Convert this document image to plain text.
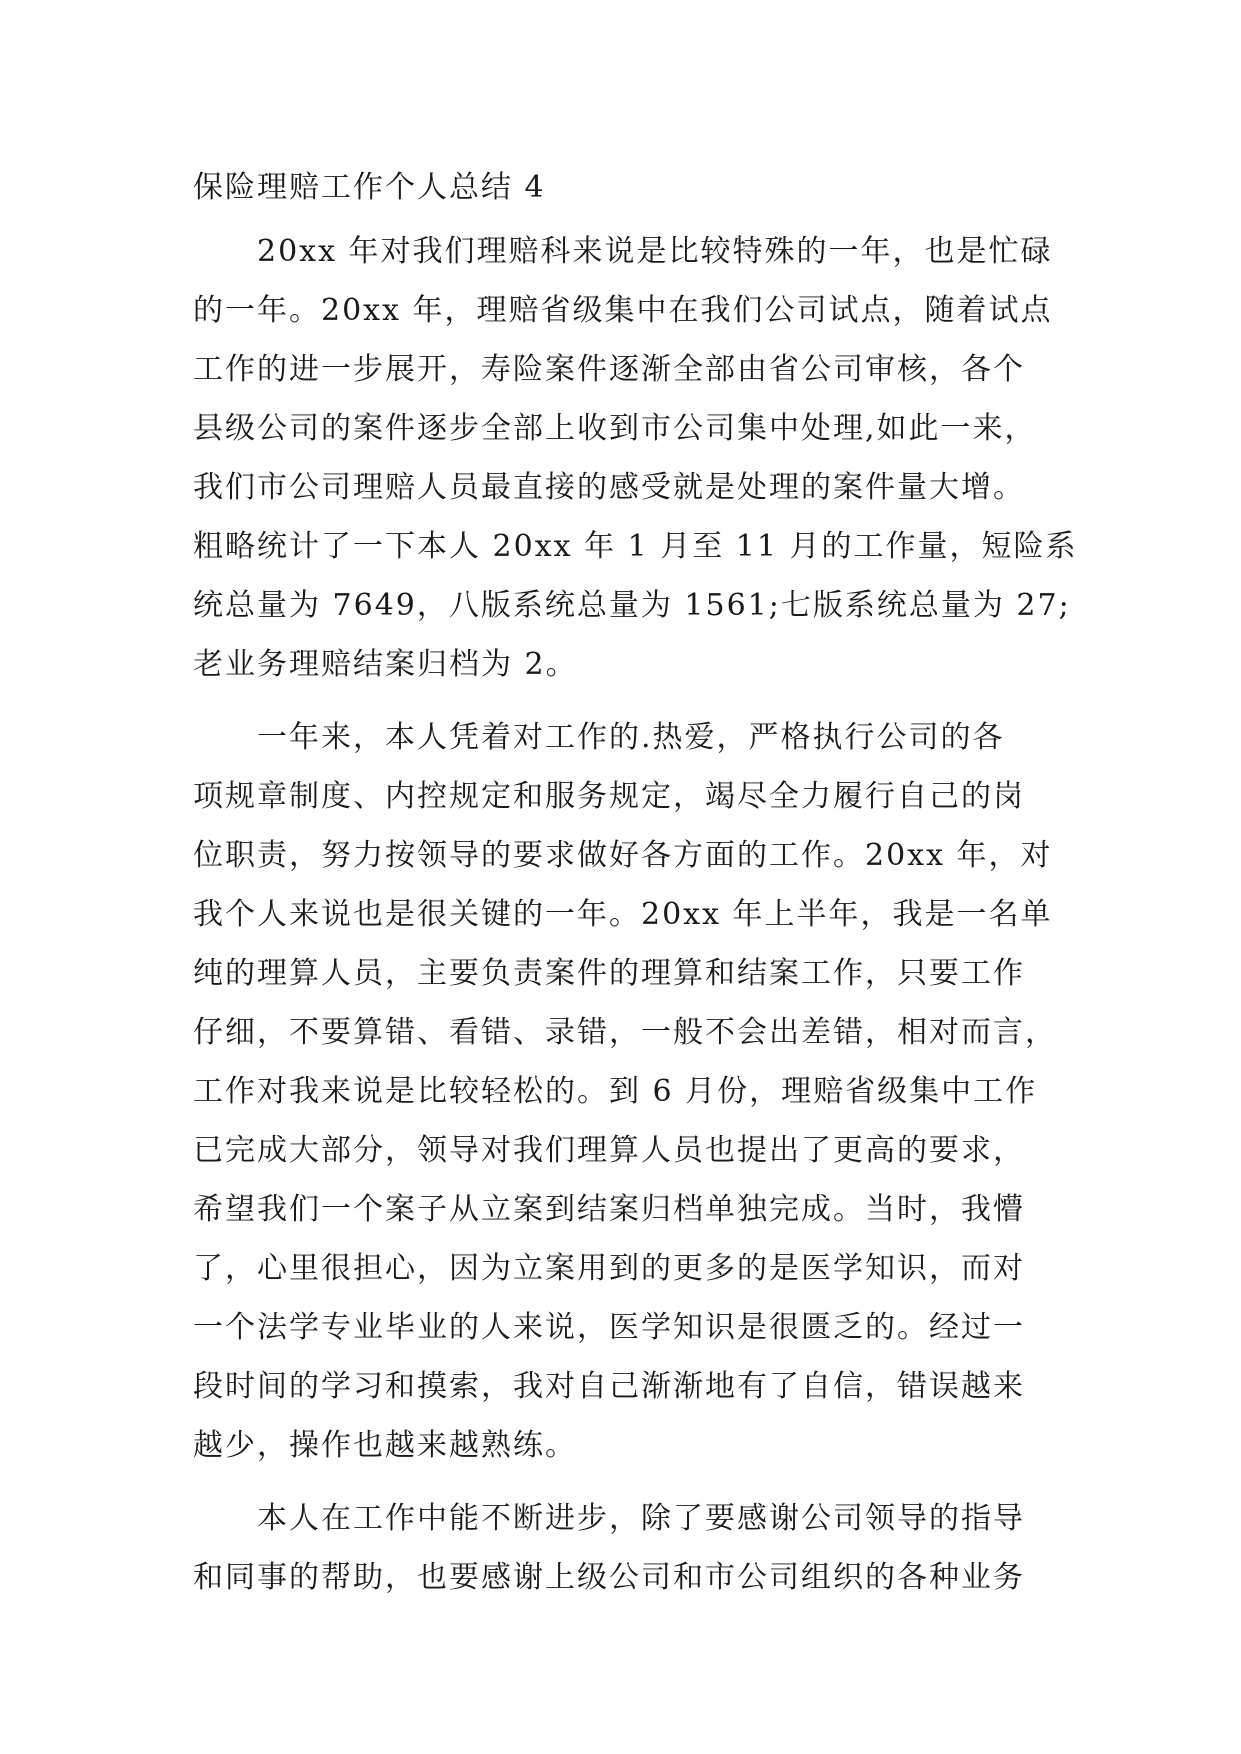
保险理赔工作个人总结 4
20xx 年对我们理赔科来说是比较特殊的一年，也是忙碌
的一年。20xx 年，理赔省级集中在我们公司试点，随着试点
工作的进一步展开，寿险案件逐渐全部由省公司审核，各个
县级公司的案件逐步全部上收到市公司集中处理,如此一来，
我们市公司理赔人员最直接的感受就是处理的案件量大增。
粗略统计了一下本人 20xx 年 1 月至 11 月的工作量，短险系
统总量为 7649，八版系统总量为 1561;七版系统总量为 27;
老业务理赔结案归档为 2。
一年来，本人凭着对工作的.热爱，严格执行公司的各
项规章制度、内控规定和服务规定，竭尽全力履行自己的岗
位职责，努力按领导的要求做好各方面的工作。20xx 年，对
我个人来说也是很关键的一年。20xx 年上半年，我是一名单
纯的理算人员，主要负责案件的理算和结案工作，只要工作
仔细，不要算错、看错、录错，一般不会出差错，相对而言，
工作对我来说是比较轻松的。到 6 月份，理赔省级集中工作
已完成大部分，领导对我们理算人员也提出了更高的要求，
希望我们一个案子从立案到结案归档单独完成。当时，我懵
了，心里很担心，因为立案用到的更多的是医学知识，而对
一个法学专业毕业的人来说，医学知识是很匮乏的。经过一
段时间的学习和摸索，我对自己渐渐地有了自信，错误越来
越少，操作也越来越熟练。
本人在工作中能不断进步，除了要感谢公司领导的指导
和同事的帮助，也要感谢上级公司和市公司组织的各种业务
